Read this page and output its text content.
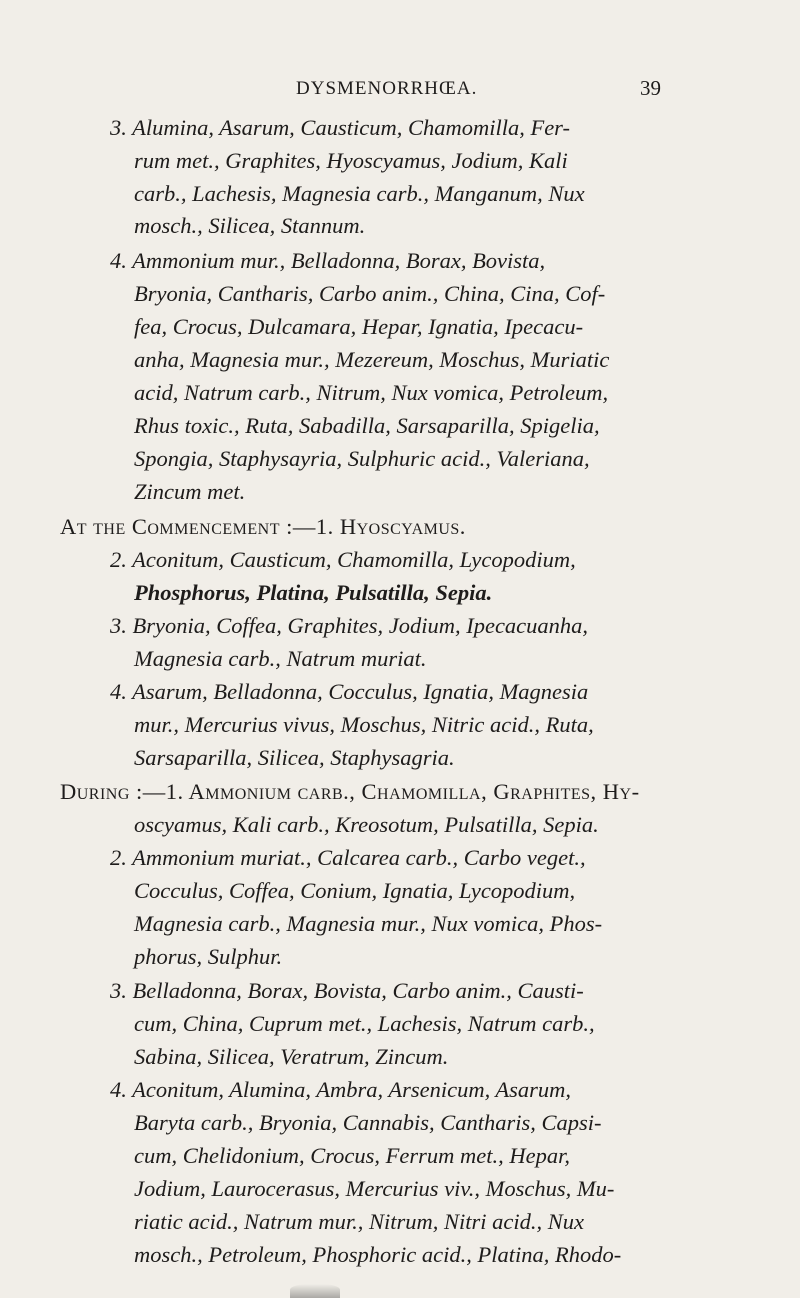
DYSMENORRHŒA.	39
3. Alumina, Asarum, Causticum, Chamomilla, Fer-
rum met., Graphites, Hyoscyamus, Jodium, Kali
carb., Lachesis, Magnesia carb., Manganum, Nux
mosch., Silicea, Stannum.
4. Ammonium mur., Belladonna, Borax, Bovista,
Bryonia, Cantharis, Carbo anim., China, Cina, Cof-
fea, Crocus, Dulcamara, Hepar, Ignatia, Ipecacu-
anha, Magnesia mur., Mezereum, Moschus, Muriatic
acid, Natrum carb., Nitrum, Nux vomica, Petroleum,
Rhus toxic., Ruta, Sabadilla, Sarsaparilla, Spigelia,
Spongia, Staphysayria, Sulphuric acid., Valeriana,
Zincum met.
At the Commencement :—1. Hyoscyamus.
2. Aconitum, Causticum, Chamomilla, Lycopodium,
Phosphorus, Platina, Pulsatilla, Sepia.
3. Bryonia, Coffea, Graphites, Jodium, Ipecacuanha,
Magnesia carb., Natrum muriat.
4. Asarum, Belladonna, Cocculus, Ignatia, Magnesia
mur., Mercurius vivus, Moschus, Nitric acid., Ruta,
Sarsaparilla, Silicea, Staphysagria.
During :—1. Ammonium carb., Chamomilla, Graphites, Hy-
oscyamus, Kali carb., Kreosotum, Pulsatilla, Sepia.
2. Ammonium muriat., Calcarea carb., Carbo veget.,
Cocculus, Coffea, Conium, Ignatia, Lycopodium,
Magnesia carb., Magnesia mur., Nux vomica, Phos-
phorus, Sulphur.
3. Belladonna, Borax, Bovista, Carbo anim., Causti-
cum, China, Cuprum met., Lachesis, Natrum carb.,
Sabina, Silicea, Veratrum, Zincum.
4. Aconitum, Alumina, Ambra, Arsenicum, Asarum,
Baryta carb., Bryonia, Cannabis, Cantharis, Capsi-
cum, Chelidonium, Crocus, Ferrum met., Hepar,
Jodium, Laurocerasus, Mercurius viv., Moschus, Mu-
riatic acid., Natrum mur., Nitrum, Nitri acid., Nux
mosch., Petroleum, Phosphoric acid., Platina, Rhodo-
